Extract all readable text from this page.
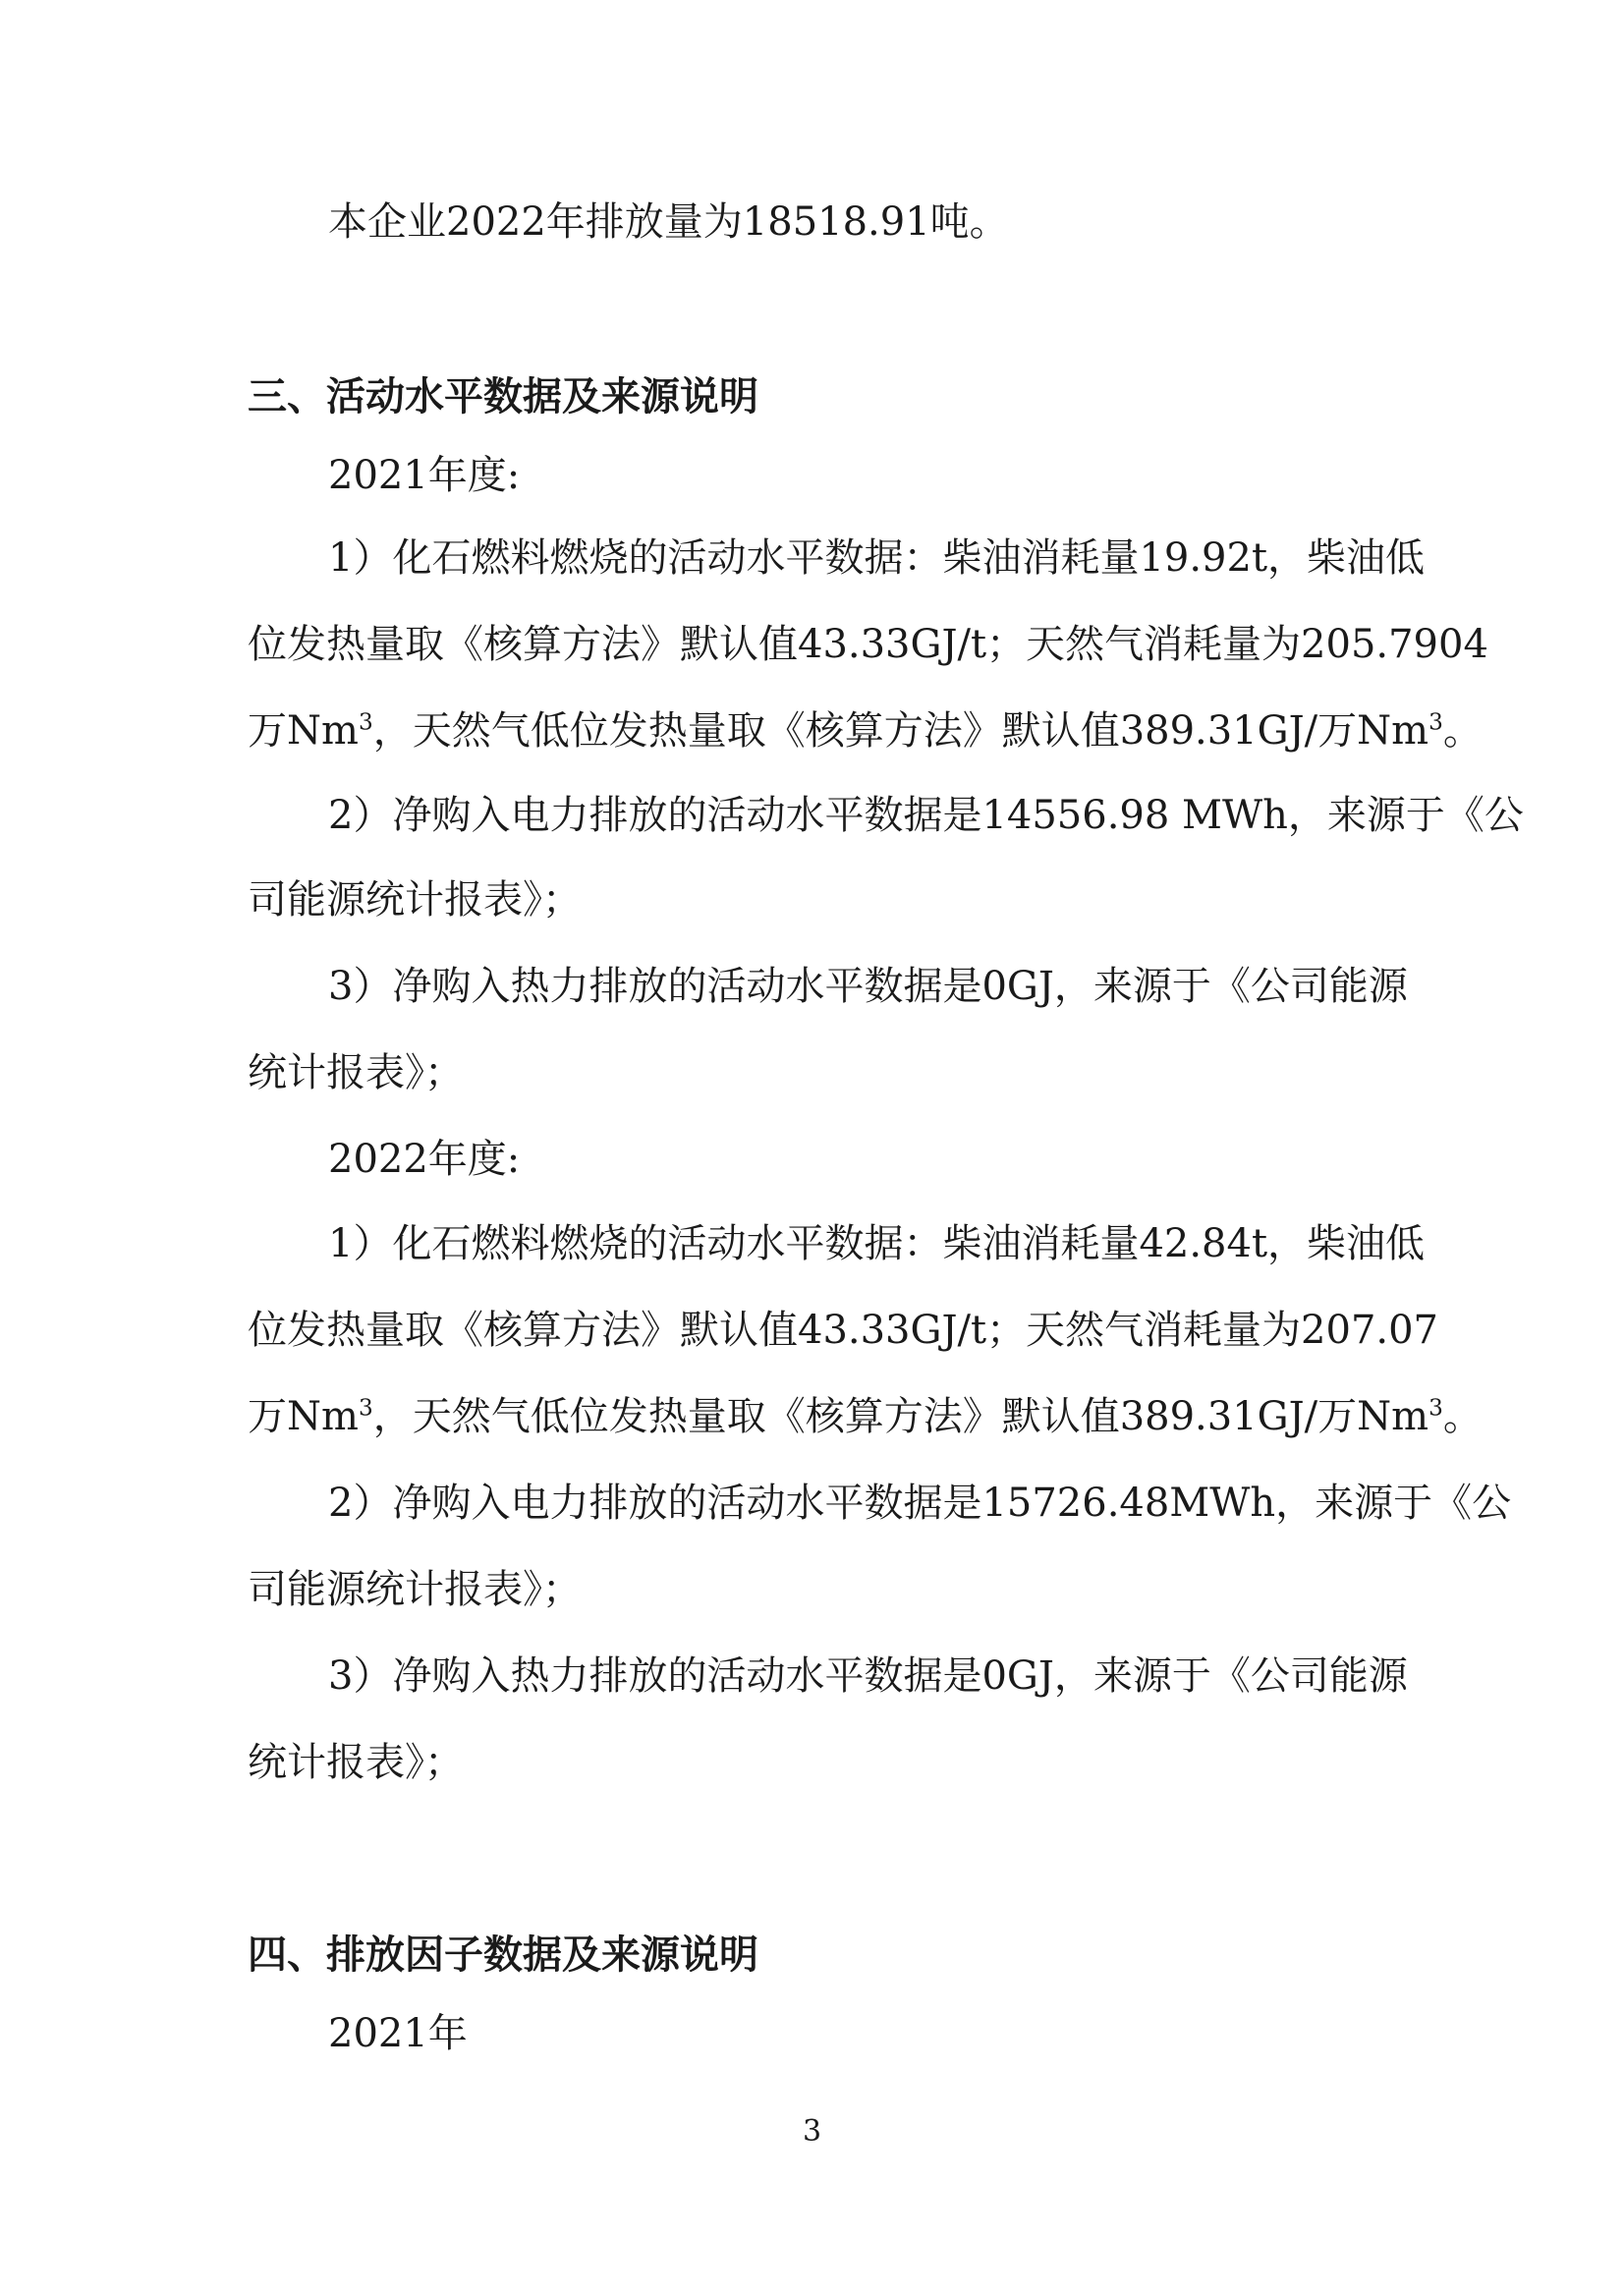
本企业2022年排放量为18518.91吨。
三、活动水平数据及来源说明
2021年度:
1）化石燃料燃烧的活动水平数据：柴油消耗量19.92t，柴油低
位发热量取《核算方法》默认值43.33GJ/t；天然气消耗量为205.7904
万Nm$^3$，天然气低位发热量取《核算方法》默认值389.31GJ/万Nm$^3$。
2）净购入电力排放的活动水平数据是14556.98 MWh，来源于《公
司能源统计报表》；
3）净购入热力排放的活动水平数据是0GJ，来源于《公司能源
统计报表》；
2022年度:
1）化石燃料燃烧的活动水平数据：柴油消耗量42.84t，柴油低
位发热量取《核算方法》默认值43.33GJ/t；天然气消耗量为207.07
万Nm$^3$，天然气低位发热量取《核算方法》默认值389.31GJ/万Nm$^3$。
2）净购入电力排放的活动水平数据是15726.48MWh，来源于《公
司能源统计报表》；
3）净购入热力排放的活动水平数据是0GJ，来源于《公司能源
统计报表》；
四、排放因子数据及来源说明
2021年
3
